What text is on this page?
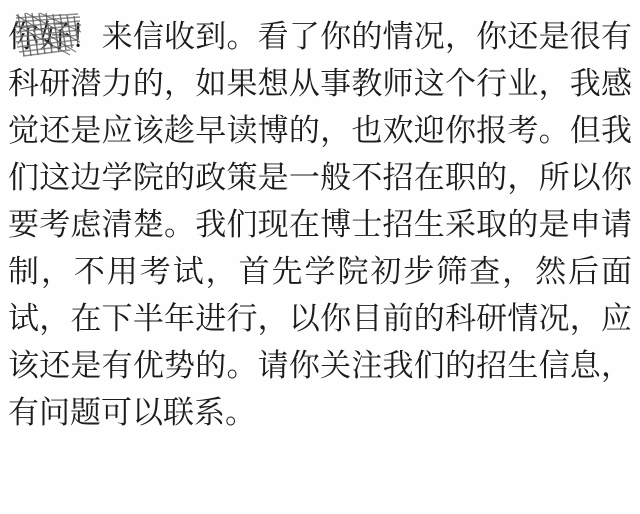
你好！来信收到。看了你的情况，你还是很有科研潜力的，如果想从事教师这个行业，我感觉还是应该趁早读博的，也欢迎你报考。但我们这边学院的政策是一般不招在职的，所以你要考虑清楚。我们现在博士招生采取的是申请制，不用考试，首先学院初步筛查，然后面试，在下半年进行，以你目前的科研情况，应该还是有优势的。请你关注我们的招生信息，有问题可以联系。
